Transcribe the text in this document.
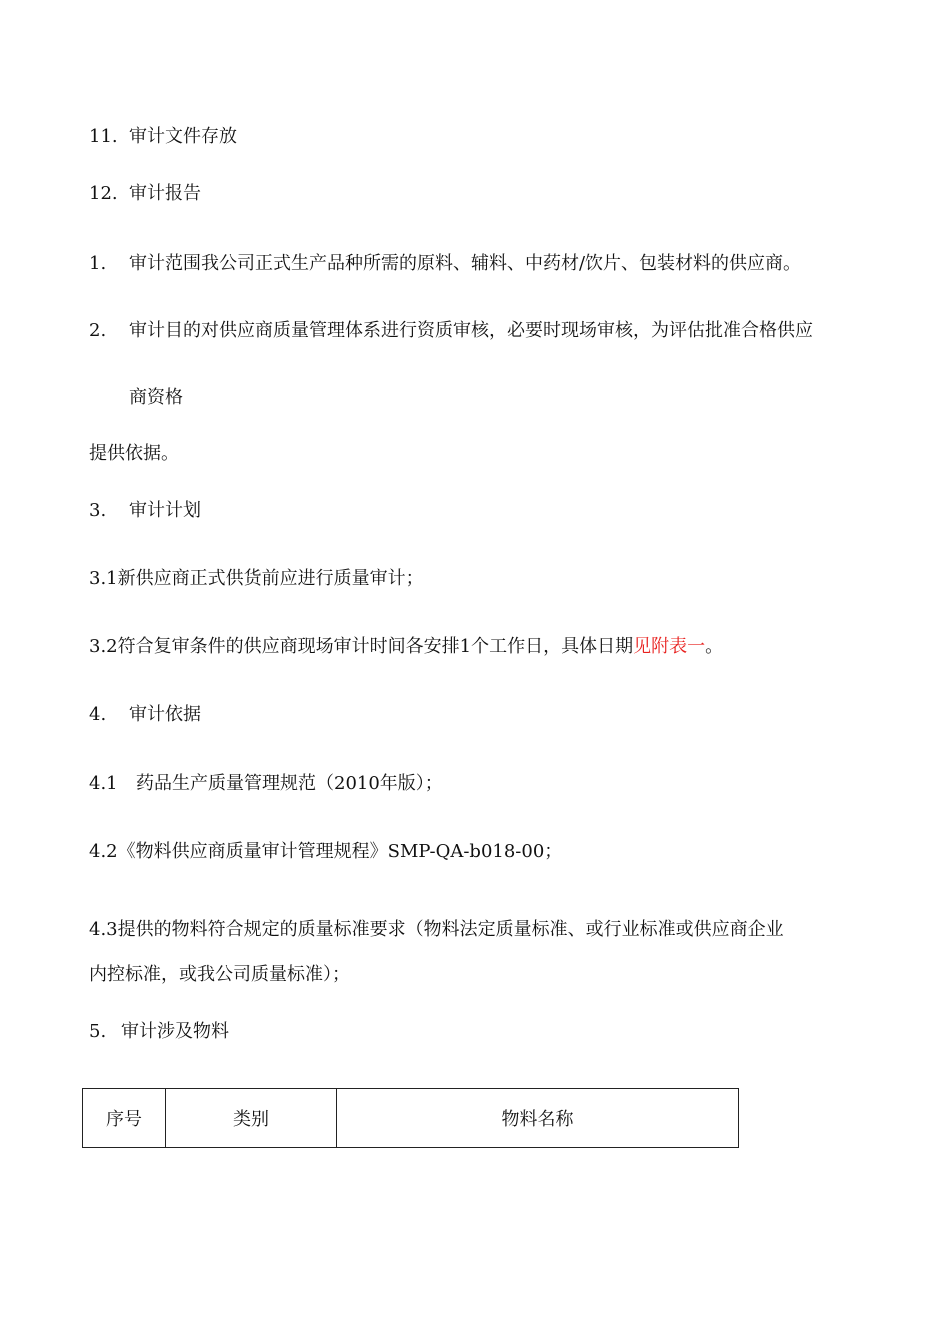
11. 审计文件存放
12. 审计报告
1. 审计范围我公司正式生产品种所需的原料、辅料、中药材/饮片、包装材料的供应商。
2. 审计目的对供应商质量管理体系进行资质审核，必要时现场审核，为评估批准合格供应
商资格
提供依据。
3. 审计计划
3.1新供应商正式供货前应进行质量审计；
3.2符合复审条件的供应商现场审计时间各安排1个工作日，具体日期见附表一。
4. 审计依据
4.1 药品生产质量管理规范（2010年版）；
4.2《物料供应商质量审计管理规程》SMP-QA-b018-00；
4.3提供的物料符合规定的质量标准要求（物料法定质量标准、或行业标准或供应商企业
内控标准，或我公司质量标准）；
5. 审计涉及物料
序号	类别	物料名称
